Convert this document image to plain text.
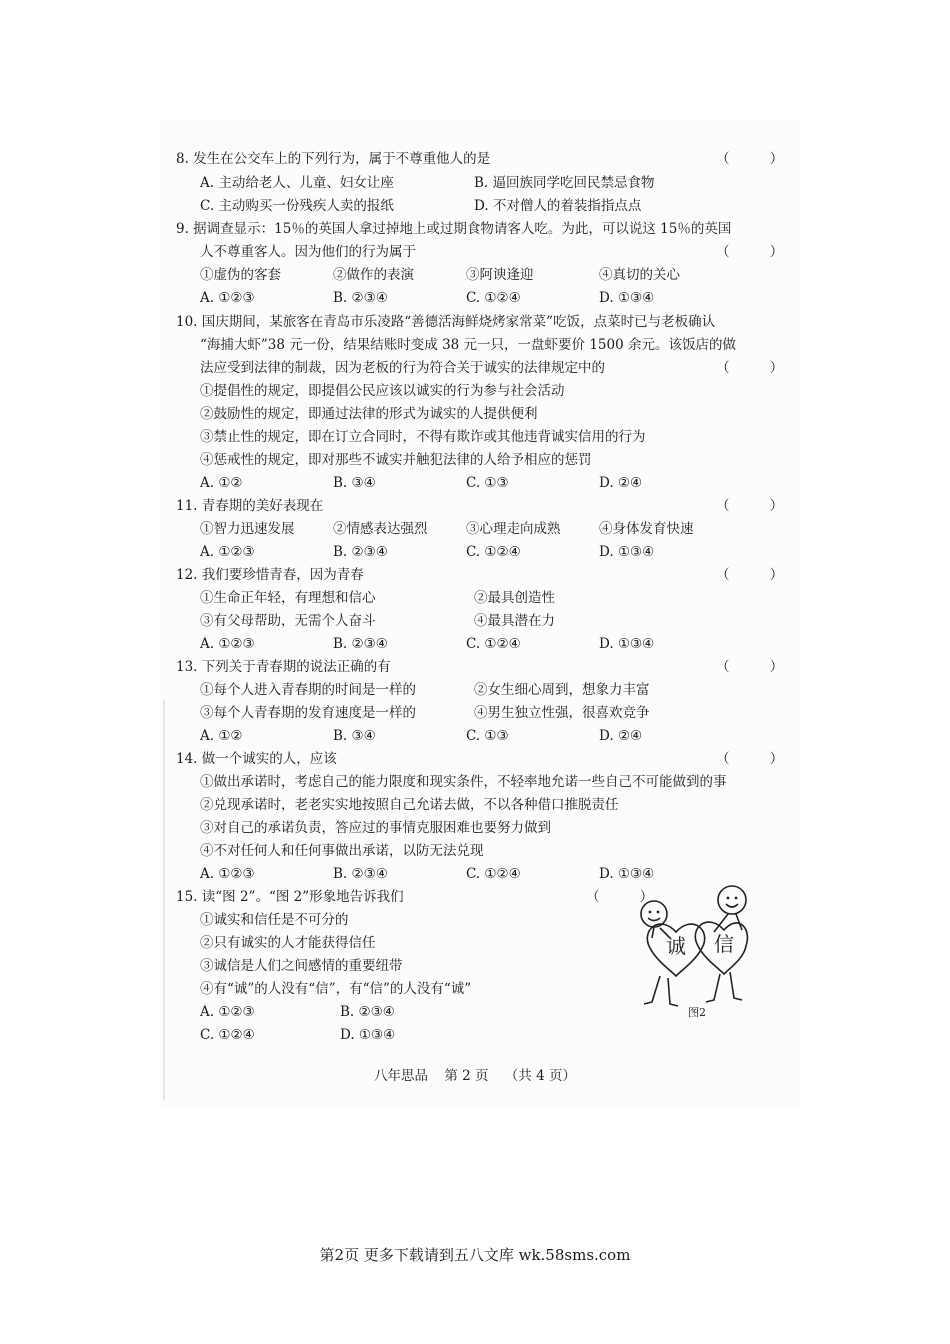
8. 发生在公交车上的下列行为，属于不尊重他人的是	（ ）
A. 主动给老人、儿童、妇女让座	B. 逼回族同学吃回民禁忌食物
C. 主动购买一份残疾人卖的报纸	D. 不对僧人的着装指指点点
9. 据调查显示：15％的英国人拿过掉地上或过期食物请客人吃。为此，可以说这 15％的英国
人不尊重客人。因为他们的行为属于	（ ）
①虚伪的客套	②做作的表演	③阿谀逢迎	④真切的关心
A. ①②③	B. ②③④	C. ①②④	D. ①③④
10. 国庆期间，某旅客在青岛市乐凌路“善德活海鲜烧烤家常菜”吃饭，点菜时已与老板确认
“海捕大虾”38 元一份，结果结账时变成 38 元一只，一盘虾要价 1500 余元。该饭店的做
法应受到法律的制裁，因为老板的行为符合关于诚实的法律规定中的	（ ）
①提倡性的规定，即提倡公民应该以诚实的行为参与社会活动
②鼓励性的规定，即通过法律的形式为诚实的人提供便利
③禁止性的规定，即在订立合同时，不得有欺诈或其他违背诚实信用的行为
④惩戒性的规定，即对那些不诚实并触犯法律的人给予相应的惩罚
A. ①②	B. ③④	C. ①③	D. ②④
11. 青春期的美好表现在	（ ）
①智力迅速发展	②情感表达强烈	③心理走向成熟	④身体发育快速
A. ①②③	B. ②③④	C. ①②④	D. ①③④
12. 我们要珍惜青春，因为青春	（ ）
①生命正年轻，有理想和信心	②最具创造性
③有父母帮助，无需个人奋斗	④最具潜在力
A. ①②③	B. ②③④	C. ①②④	D. ①③④
13. 下列关于青春期的说法正确的有	（ ）
①每个人进入青春期的时间是一样的	②女生细心周到，想象力丰富
③每个人青春期的发育速度是一样的	④男生独立性强，很喜欢竞争
A. ①②	B. ③④	C. ①③	D. ②④
14. 做一个诚实的人，应该	（ ）
①做出承诺时，考虑自己的能力限度和现实条件，不轻率地允诺一些自己不可能做到的事
②兑现承诺时，老老实实地按照自己允诺去做，不以各种借口推脱责任
③对自己的承诺负责，答应过的事情克服困难也要努力做到
④不对任何人和任何事做出承诺，以防无法兑现
A. ①②③	B. ②③④	C. ①②④	D. ①③④
15. 读“图 2”。“图 2”形象地告诉我们	（ ）
①诚实和信任是不可分的
②只有诚实的人才能获得信任
③诚信是人们之间感情的重要纽带
④有“诚”的人没有“信”，有“信”的人没有“诚”
A. ①②③	B. ②③④
C. ①②④	D. ①③④
诚 信
图2
八年思品 第 2 页 （共 4 页）
第2页 更多下载请到五八文库 wk.58sms.com
